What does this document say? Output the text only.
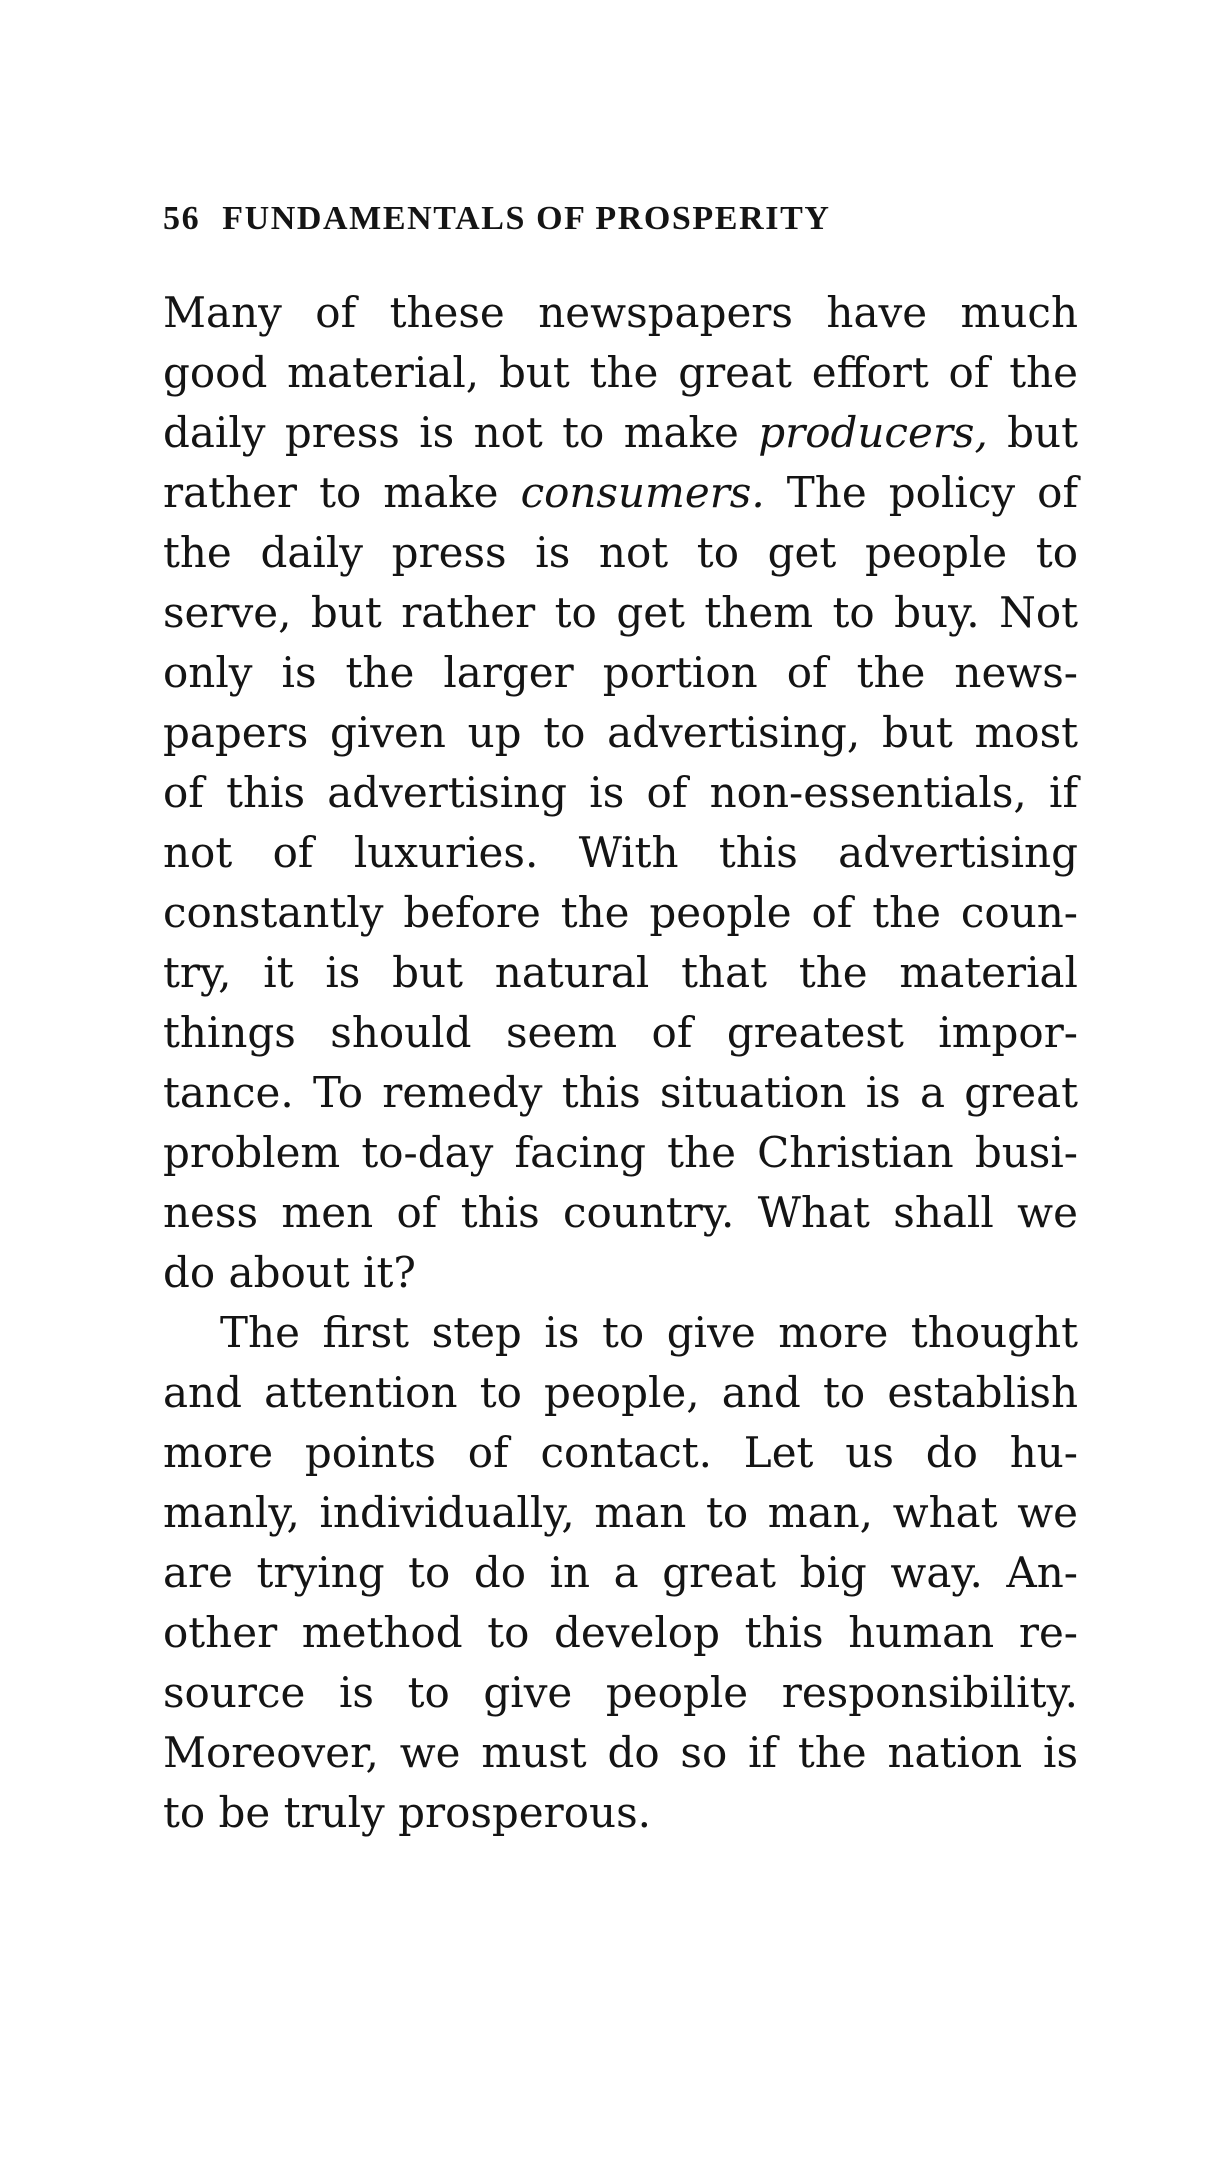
56 FUNDAMENTALS OF PROSPERITY
Many of these newspapers have much
good material, but the great effort of the
daily press is not to make producers, but
rather to make consumers. The policy of
the daily press is not to get people to
serve, but rather to get them to buy. Not
only is the larger portion of the news-
papers given up to advertising, but most
of this advertising is of non-essentials, if
not of luxuries. With this advertising
constantly before the people of the coun-
try, it is but natural that the material
things should seem of greatest impor-
tance. To remedy this situation is a great
problem to-day facing the Christian busi-
ness men of this country. What shall we
do about it?
The first step is to give more thought
and attention to people, and to establish
more points of contact. Let us do hu-
manly, individually, man to man, what we
are trying to do in a great big way. An-
other method to develop this human re-
source is to give people responsibility.
Moreover, we must do so if the nation is
to be truly prosperous.
